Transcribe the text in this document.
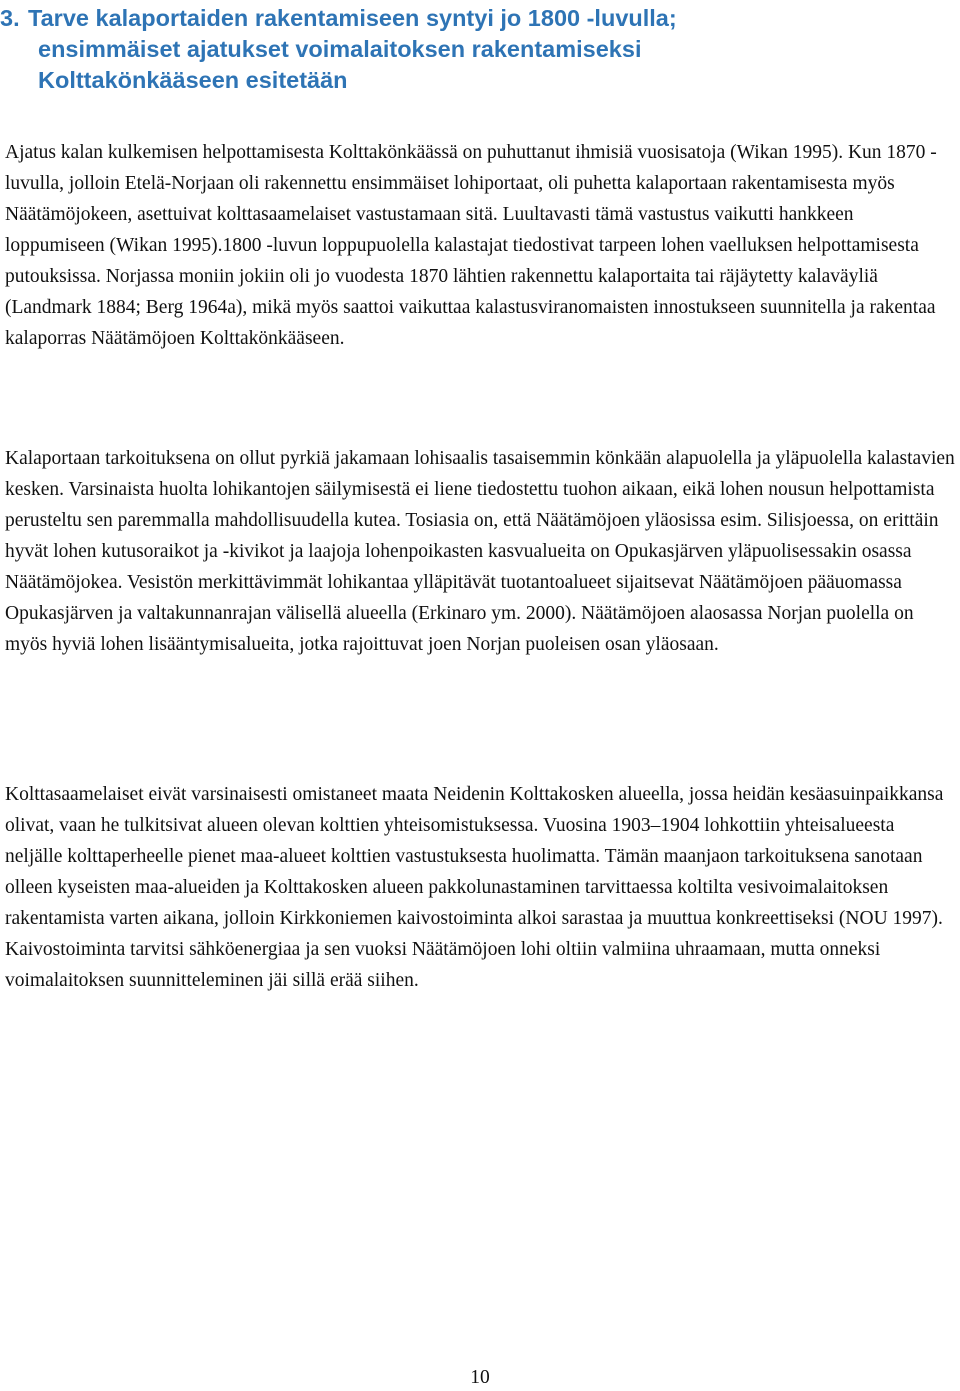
3. Tarve kalaportaiden rakentamiseen syntyi jo 1800 -luvulla;
ensimmäiset ajatukset voimalaitoksen rakentamiseksi
Kolttakönkääseen esitetään

Ajatus kalan kulkemisen helpottamisesta Kolttakönkäässä on puhuttanut ihmisiä vuosisatoja (Wikan 1995). Kun 1870 -luvulla, jolloin Etelä-Norjaan oli rakennettu ensimmäiset lohiportaat, oli puhetta kalaportaan rakentamisesta myös Näätämöjokeen, asettuivat kolttasaamelaiset vastustamaan sitä. Luultavasti tämä vastustus vaikutti hankkeen loppumiseen (Wikan 1995).1800 -luvun loppupuolella kalastajat tiedostivat tarpeen lohen vaelluksen helpottamisesta putouksissa. Norjassa moniin jokiin oli jo vuodesta 1870 lähtien rakennettu kalaportaita tai räjäytetty kalaväyliä (Landmark 1884; Berg 1964a), mikä myös saattoi vaikuttaa kalastusviranomaisten innostukseen suunnitella ja rakentaa kalaporras Näätämöjoen Kolttakönkääseen.

Kalaportaan tarkoituksena on ollut pyrkiä jakamaan lohisaalis tasaisemmin könkään alapuolella ja yläpuolella kalastavien kesken. Varsinaista huolta lohikantojen säilymisestä ei liene tiedostettu tuohon aikaan, eikä lohen nousun helpottamista perusteltu sen paremmalla mahdollisuudella kutea. Tosiasia on, että Näätämöjoen yläosissa esim. Silisjoessa, on erittäin hyvät lohen kutusoraikot ja -kivikot ja laajoja lohenpoikasten kasvualueita on Opukasjärven yläpuolisessakin osassa Näätämöjokea. Vesistön merkittävimmät lohikantaa ylläpitävät tuotantoalueet sijaitsevat Näätämöjoen pääuomassa Opukasjärven ja valtakunnanrajan välisellä alueella (Erkinaro ym. 2000). Näätämöjoen alaosassa Norjan puolella on myös hyviä lohen lisääntymisalueita, jotka rajoittuvat joen Norjan puoleisen osan yläosaan.

Kolttasaamelaiset eivät varsinaisesti omistaneet maata Neidenin Kolttakosken alueella, jossa heidän kesäasuinpaikkansa olivat, vaan he tulkitsivat alueen olevan kolttien yhteisomistuksessa. Vuosina 1903–1904 lohkottiin yhteisalueesta neljälle kolttaperheelle pienet maa-alueet kolttien vastustuksesta huolimatta. Tämän maanjaon tarkoituksena sanotaan olleen kyseisten maa-alueiden ja Kolttakosken alueen pakkolunastaminen tarvittaessa koltilta vesivoimalaitoksen rakentamista varten aikana, jolloin Kirkkoniemen kaivostoiminta alkoi sarastaa ja muuttua konkreettiseksi (NOU 1997). Kaivostoiminta tarvitsi sähköenergiaa ja sen vuoksi Näätämöjoen lohi oltiin valmiina uhraamaan, mutta onneksi voimalaitoksen suunnitteleminen jäi sillä erää siihen.

10
